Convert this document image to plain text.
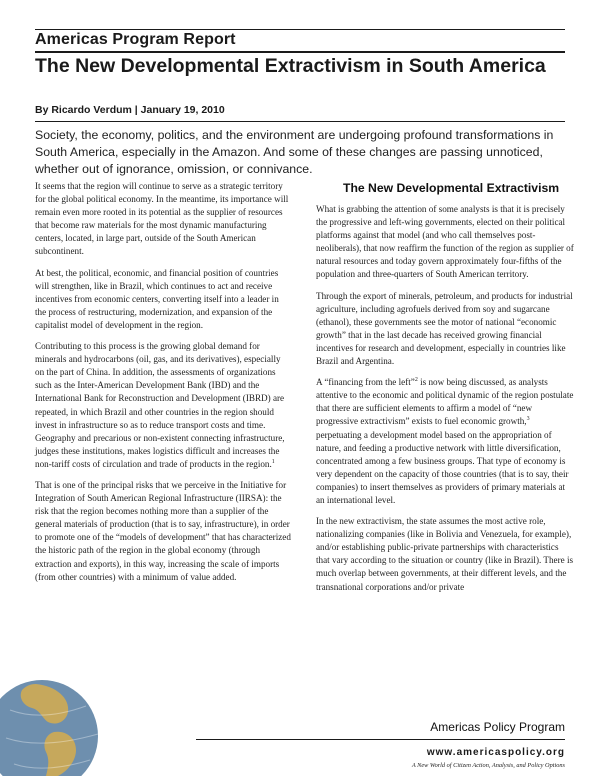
Americas Program Report
The New Developmental Extractivism in South America
By Ricardo Verdum | January 19, 2010

Society, the economy, politics, and the environment are undergoing profound transformations in South America, especially in the Amazon. And some of these changes are passing unnoticed, whether out of ignorance, omission, or connivance.

It seems that the region will continue to serve as a strategic territory for the global political economy. In the meantime, its importance will remain even more rooted in its potential as the supplier of resources that become raw materials for the most dynamic manufacturing centers, located, in large part, outside of the South American subcontinent.

At best, the political, economic, and financial position of countries will strengthen, like in Brazil, which continues to act and receive incentives from economic centers, converting itself into a leader in the process of restructuring, modernization, and expansion of the capitalist model of development in the region.

Contributing to this process is the growing global demand for minerals and hydrocarbons (oil, gas, and its derivatives), especially on the part of China. In addition, the assessments of organizations such as the Inter-American Development Bank (IBD) and the International Bank for Reconstruction and Development (IBRD) are repeated, in which Brazil and other countries in the region should invest in infrastructure so as to reduce transport costs and time. Geography and precarious or non-existent connecting infrastructure, judges these institutions, makes logistics difficult and increases the non-tariff costs of circulation and trade of products in the region.$^1$

That is one of the principal risks that we perceive in the Initiative for Integration of South American Regional Infrastructure (IIRSA): the risk that the region becomes nothing more than a supplier of the general materials of production (that is to say, infrastructure), in order to promote one of the “models of development” that has characterized the historic path of the region in the global economy (through extraction and exports), in this way, increasing the scale of imports (from other countries) with a minimum of value added.

The New Developmental Extractivism

What is grabbing the attention of some analysts is that it is precisely the progressive and left-wing governments, elected on their political platforms against that model (and who call themselves post-neoliberals), that now reaffirm the function of the region as supplier of natural resources and today govern approximately four-fifths of the population and three-quarters of South American territory.

Through the export of minerals, petroleum, and products for industrial agriculture, including agrofuels derived from soy and sugarcane (ethanol), these governments see the motor of national “economic growth” that in the last decade has received growing financial incentives for research and development, especially in countries like Brazil and Argentina.

A “financing from the left”$^2$ is now being discussed, as analysts attentive to the economic and political dynamic of the region postulate that there are sufficient elements to affirm a model of “new progressive extractivism” exists to fuel economic growth,$^3$ perpetuating a development model based on the appropriation of nature, and feeding a productive network with little diversification, concentrated among a few business groups. That type of economy is very dependent on the capacity of those countries (that is to say, their companies) to insert themselves as providers of primary materials at an international level.

In the new extractivism, the state assumes the most active role, nationalizing companies (like in Bolivia and Venezuela, for example), and/or establishing public-private partnerships with characteristics that vary according to the situation or country (like in Brazil). There is much overlap between governments, at their different levels, and the transnational corporations and/or private

Americas Policy Program
www.americaspolicy.org
A New World of Citizen Action, Analysis, and Policy Options
